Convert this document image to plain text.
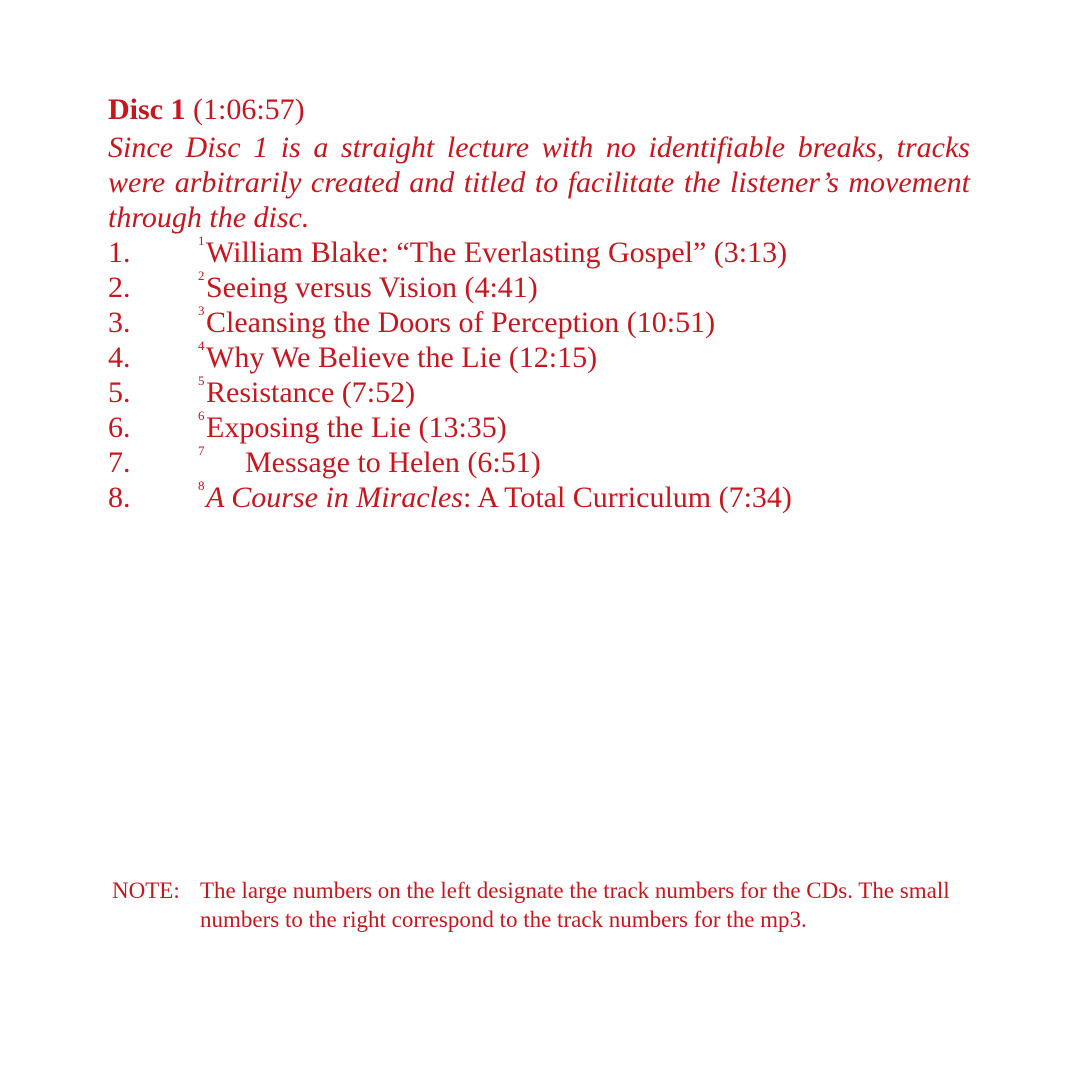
Disc 1 (1:06:57)
Since Disc 1 is a straight lecture with no identifiable breaks, tracks were arbitrarily created and titled to facilitate the listener’s movement through the disc.
1.	1 William Blake: “The Everlasting Gospel” (3:13)
2.	2 Seeing versus Vision (4:41)
3.	3 Cleansing the Doors of Perception (10:51)
4.	4 Why We Believe the Lie (12:15)
5.	5 Resistance (7:52)
6.	6 Exposing the Lie (13:35)
7.	7 Message to Helen (6:51)
8.	8 A Course in Miracles: A Total Curriculum (7:34)
NOTE: The large numbers on the left designate the track numbers for the CDs. The small numbers to the right correspond to the track numbers for the mp3.
